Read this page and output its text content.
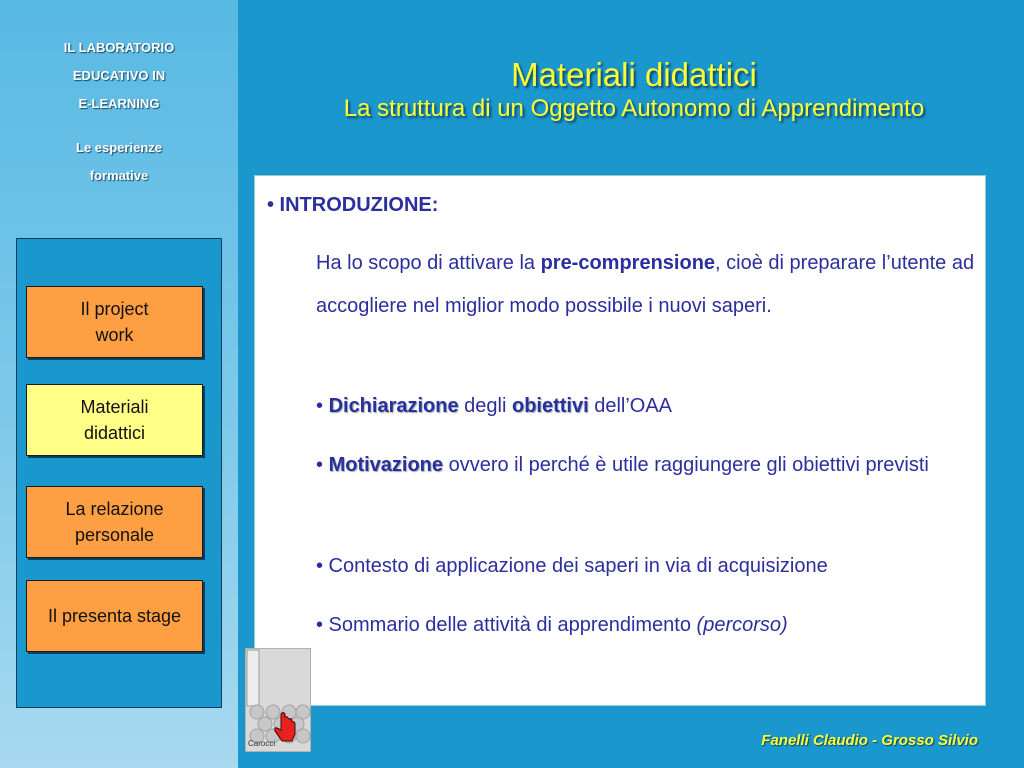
IL LABORATORIO
EDUCATIVO IN
E-LEARNING
Le esperienze
formative
Il project
work
Materiali
didattici
La relazione
personale
Il presenta stage
Materiali didattici
La struttura di un Oggetto Autonomo di Apprendimento
• INTRODUZIONE:
Ha lo scopo di attivare la pre-comprensione, cioè di preparare l’utente ad accogliere nel miglior modo possibile i nuovi saperi.
• Dichiarazione degli obiettivi dell’OAA
• Motivazione ovvero il perché è utile raggiungere gli obiettivi previsti
• Contesto di applicazione dei saperi in via di acquisizione
• Sommario delle attività di apprendimento (percorso)
Carocci	Fanelli Claudio - Grosso Silvio
